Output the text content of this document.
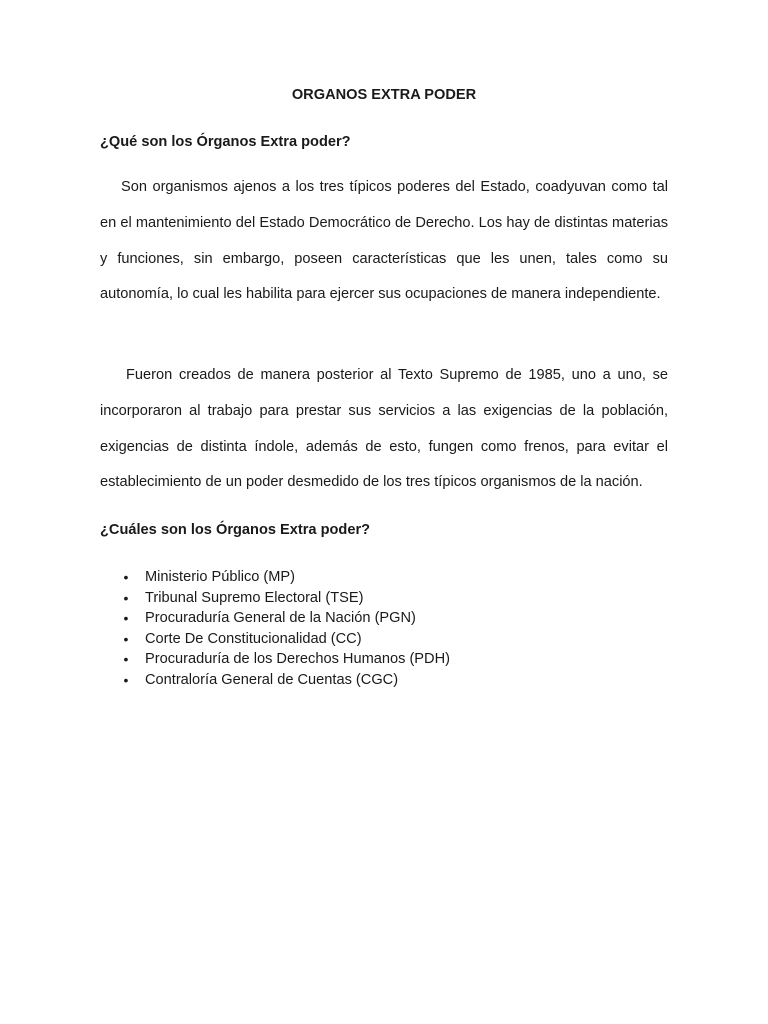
ORGANOS EXTRA PODER
¿Qué son los Órganos Extra poder?

Son organismos ajenos a los tres típicos poderes del Estado, coadyuvan como tal en el mantenimiento del Estado Democrático de Derecho. Los hay de distintas materias y funciones, sin embargo, poseen características que les unen, tales como su autonomía, lo cual les habilita para ejercer sus ocupaciones de manera independiente.

Fueron creados de manera posterior al Texto Supremo de 1985, uno a uno, se incorporaron al trabajo para prestar sus servicios a las exigencias de la población, exigencias de distinta índole, además de esto, fungen como frenos, para evitar el establecimiento de un poder desmedido de los tres típicos organismos de la nación.

¿Cuáles son los Órganos Extra poder?
• Ministerio Público (MP)
• Tribunal Supremo Electoral (TSE)
• Procuraduría General de la Nación (PGN)
• Corte De Constitucionalidad (CC)
• Procuraduría de los Derechos Humanos (PDH)
• Contraloría General de Cuentas (CGC)
